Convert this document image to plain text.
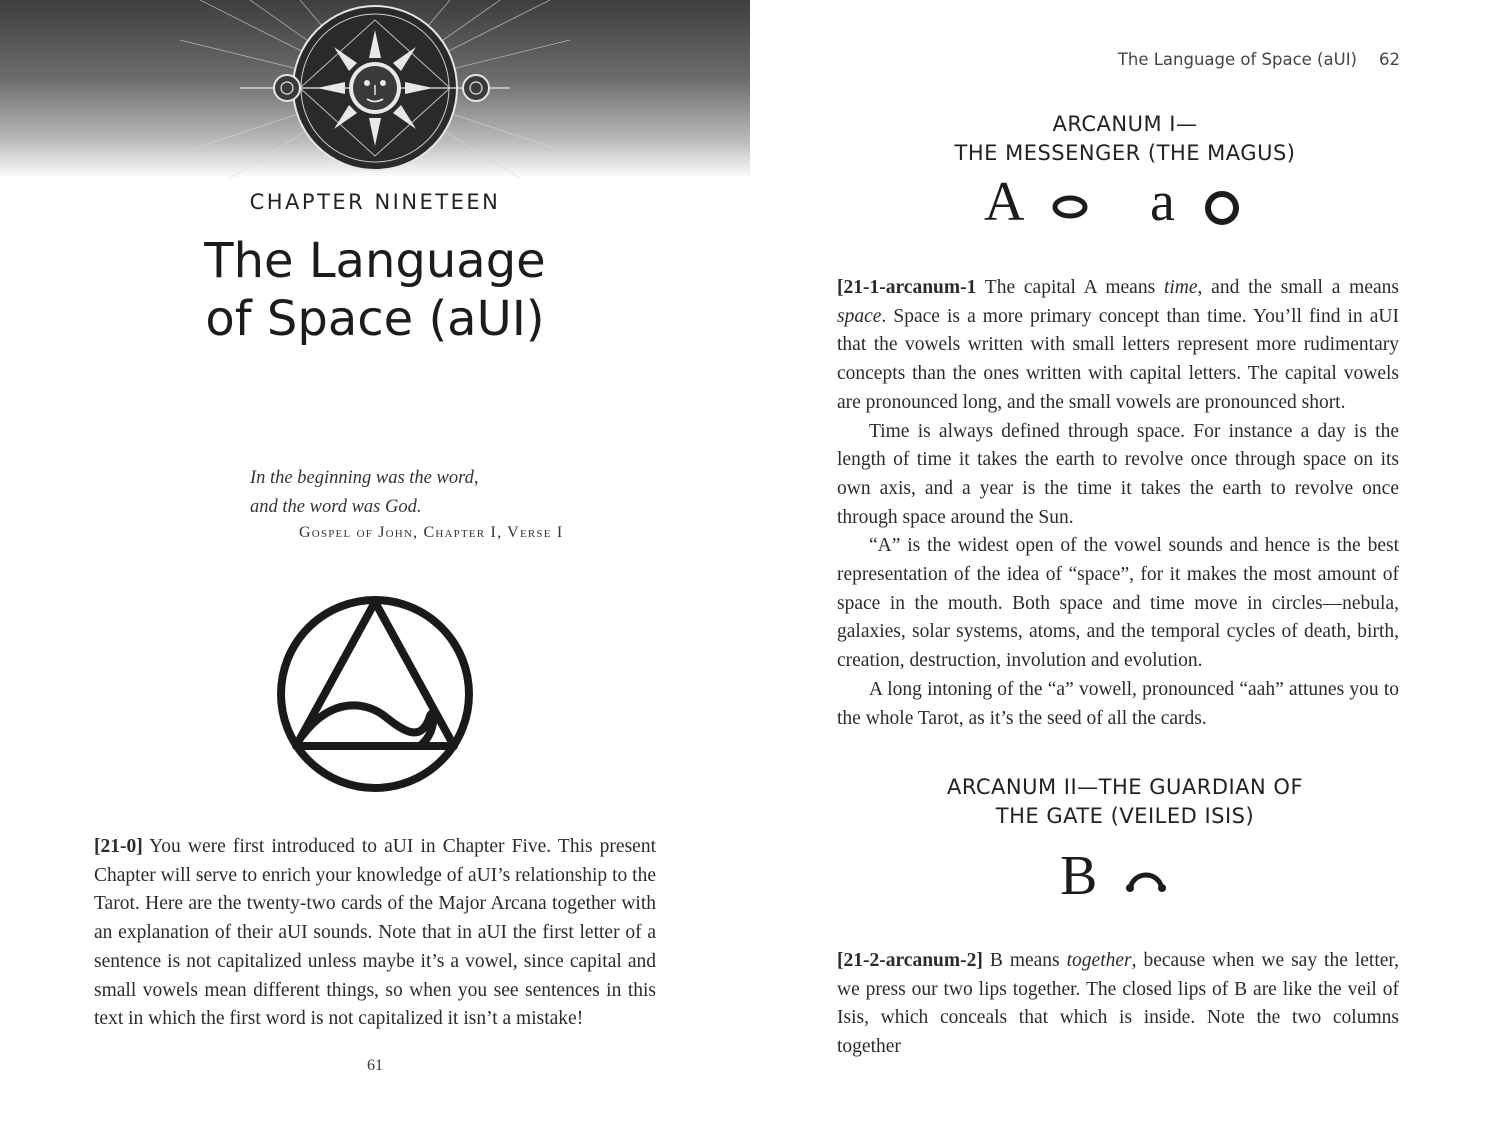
CHAPTER NINETEEN
The Language
of Space (aUI)
In the beginning was the word,
and the word was God.
Gospel of John, Chapter I, Verse I

[21-0] You were first introduced to aUI in Chapter Five. This present Chapter will serve to enrich your knowledge of aUI’s relationship to the Tarot. Here are the twenty-two cards of the Major Arcana together with an explanation of their aUI sounds. Note that in aUI the first letter of a sentence is not capitalized unless maybe it’s a vowel, since capital and small vowels mean different things, so when you see sentences in this text in which the first word is not capitalized it isn’t a mistake!

61
The Language of Space (aUI) 62
ARCANUM I—
THE MESSENGER (THE MAGUS)
A a

[21-1-arcanum-1 The capital A means time, and the small a means space. Space is a more primary concept than time. You’ll find in aUI that the vowels written with small letters represent more rudimentary concepts than the ones written with capital letters. The capital vowels are pronounced long, and the small vowels are pronounced short.

Time is always defined through space. For instance a day is the length of time it takes the earth to revolve once through space on its own axis, and a year is the time it takes the earth to revolve once through space around the Sun.

“A” is the widest open of the vowel sounds and hence is the best representation of the idea of “space”, for it makes the most amount of space in the mouth. Both space and time move in circles—nebula, galaxies, solar systems, atoms, and the temporal cycles of death, birth, creation, destruction, involution and evolution.

A long intoning of the “a” vowell, pronounced “aah” attunes you to the whole Tarot, as it’s the seed of all the cards.

ARCANUM II—THE GUARDIAN OF
THE GATE (VEILED ISIS)
B

[21-2-arcanum-2] B means together, because when we say the letter, we press our two lips together. The closed lips of B are like the veil of Isis, which conceals that which is inside. Note the two columns together
